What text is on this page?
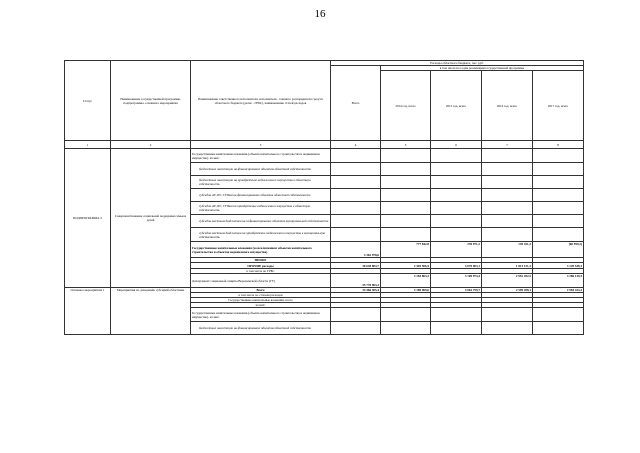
16
Статус	Наименование государственной программы, подпрограммы, основного мероприятия	Наименование ответственного исполнителя, исполнителя - главного распорядителя средств областного бюджета (далее - ГРБС), наименование статей расходов	Расходы областного бюджета, тыс. руб.				
			Всего	в том числе по годам реализации государственной программы			
				2014 год, всего	2015 год, всего	2016 год, всего	2017 год, всего
1	2	3	4	5	6	7	8
ПОДПРОГРАММА 2	Совершенствование социальной поддержки семьи и детей	Государственные капитальные вложения (объекты капитального строительства и недвижимое имущество), из них:					
		бюджетные инвестиции на финансирование объектов областной собственности					
		бюджетные инвестиции на приобретение недвижимого имущества в областную собственность					
		субсидии АУ, БУ, ГУПам на финансирование объектов областной собственности					
		субсидии АУ, БУ, ГУПам на приобретение недвижимого имущества в областную собственность					
		субсидии местным бюджетам на софинансирование объектов муниципальной собственности					
		субсидии местным бюджетам на приобретение недвижимого имущества в муниципальную собственность					
		Государственные капитальные вложения (за исключением объектов капитального строительства и объектов недвижимого имущества)	3 362 978,6	777 842,8	239 971,2	139 331,3	(60 590,2)
		НИОКР					
		ПРОЧИЕ расходы	30 638 804,7	2 405 506,5	3 070 003,1	1 813 131,3	3 120 538,3
		в том числе по ГРБС					
		Департамент социальной защиты Воронежской области (ГУ)	35 770 963,3	3 183 863,3	3 109 974,4	2 952 452,5	3 286 120,5
Основное мероприятие 1	Мероприятия по доведению субсидий областным	Всего	34 466 305,4	3 189 969,6	3 062 759,7	2 599 458,1	2 984 424,2
		в том числе по статьям расходов					
		Государственные капитальные вложения, всего					
		из них:					
		Государственные капитальные вложения (объекты капитального строительства и недвижимое имущество), из них:					
		бюджетные инвестиции на финансирование объектов областной собственности					
